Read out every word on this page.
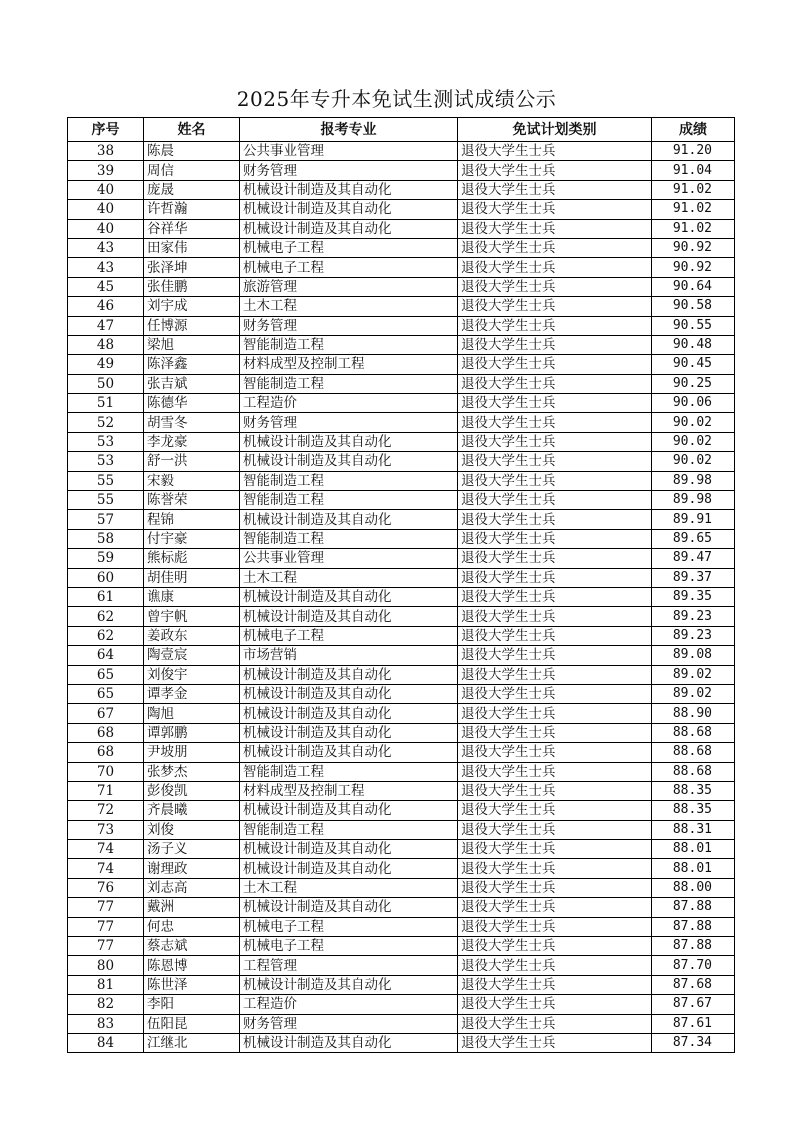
2025年专升本免试生测试成绩公示
序号	姓名	报考专业	免试计划类别	成绩
38	陈晨	公共事业管理	退役大学生士兵	91.20
39	周信	财务管理	退役大学生士兵	91.04
40	庞晟	机械设计制造及其自动化	退役大学生士兵	91.02
40	许哲瀚	机械设计制造及其自动化	退役大学生士兵	91.02
40	谷祥华	机械设计制造及其自动化	退役大学生士兵	91.02
43	田家伟	机械电子工程	退役大学生士兵	90.92
43	张泽坤	机械电子工程	退役大学生士兵	90.92
45	张佳鹏	旅游管理	退役大学生士兵	90.64
46	刘宇成	土木工程	退役大学生士兵	90.58
47	任博源	财务管理	退役大学生士兵	90.55
48	梁旭	智能制造工程	退役大学生士兵	90.48
49	陈泽鑫	材料成型及控制工程	退役大学生士兵	90.45
50	张吉斌	智能制造工程	退役大学生士兵	90.25
51	陈德华	工程造价	退役大学生士兵	90.06
52	胡雪冬	财务管理	退役大学生士兵	90.02
53	李龙豪	机械设计制造及其自动化	退役大学生士兵	90.02
53	舒一洪	机械设计制造及其自动化	退役大学生士兵	90.02
55	宋毅	智能制造工程	退役大学生士兵	89.98
55	陈誉荣	智能制造工程	退役大学生士兵	89.98
57	程锦	机械设计制造及其自动化	退役大学生士兵	89.91
58	付宇豪	智能制造工程	退役大学生士兵	89.65
59	熊标彪	公共事业管理	退役大学生士兵	89.47
60	胡佳明	土木工程	退役大学生士兵	89.37
61	谯康	机械设计制造及其自动化	退役大学生士兵	89.35
62	曾宇帆	机械设计制造及其自动化	退役大学生士兵	89.23
62	姜政东	机械电子工程	退役大学生士兵	89.23
64	陶壹宸	市场营销	退役大学生士兵	89.08
65	刘俊宇	机械设计制造及其自动化	退役大学生士兵	89.02
65	谭孝金	机械设计制造及其自动化	退役大学生士兵	89.02
67	陶旭	机械设计制造及其自动化	退役大学生士兵	88.90
68	谭郭鹏	机械设计制造及其自动化	退役大学生士兵	88.68
68	尹坡朋	机械设计制造及其自动化	退役大学生士兵	88.68
70	张梦杰	智能制造工程	退役大学生士兵	88.68
71	彭俊凯	材料成型及控制工程	退役大学生士兵	88.35
72	齐晨曦	机械设计制造及其自动化	退役大学生士兵	88.35
73	刘俊	智能制造工程	退役大学生士兵	88.31
74	汤子义	机械设计制造及其自动化	退役大学生士兵	88.01
74	谢理政	机械设计制造及其自动化	退役大学生士兵	88.01
76	刘志高	土木工程	退役大学生士兵	88.00
77	戴洲	机械设计制造及其自动化	退役大学生士兵	87.88
77	何忠	机械电子工程	退役大学生士兵	87.88
77	蔡志斌	机械电子工程	退役大学生士兵	87.88
80	陈恩博	工程管理	退役大学生士兵	87.70
81	陈世泽	机械设计制造及其自动化	退役大学生士兵	87.68
82	李阳	工程造价	退役大学生士兵	87.67
83	伍阳昆	财务管理	退役大学生士兵	87.61
84	江继北	机械设计制造及其自动化	退役大学生士兵	87.34
